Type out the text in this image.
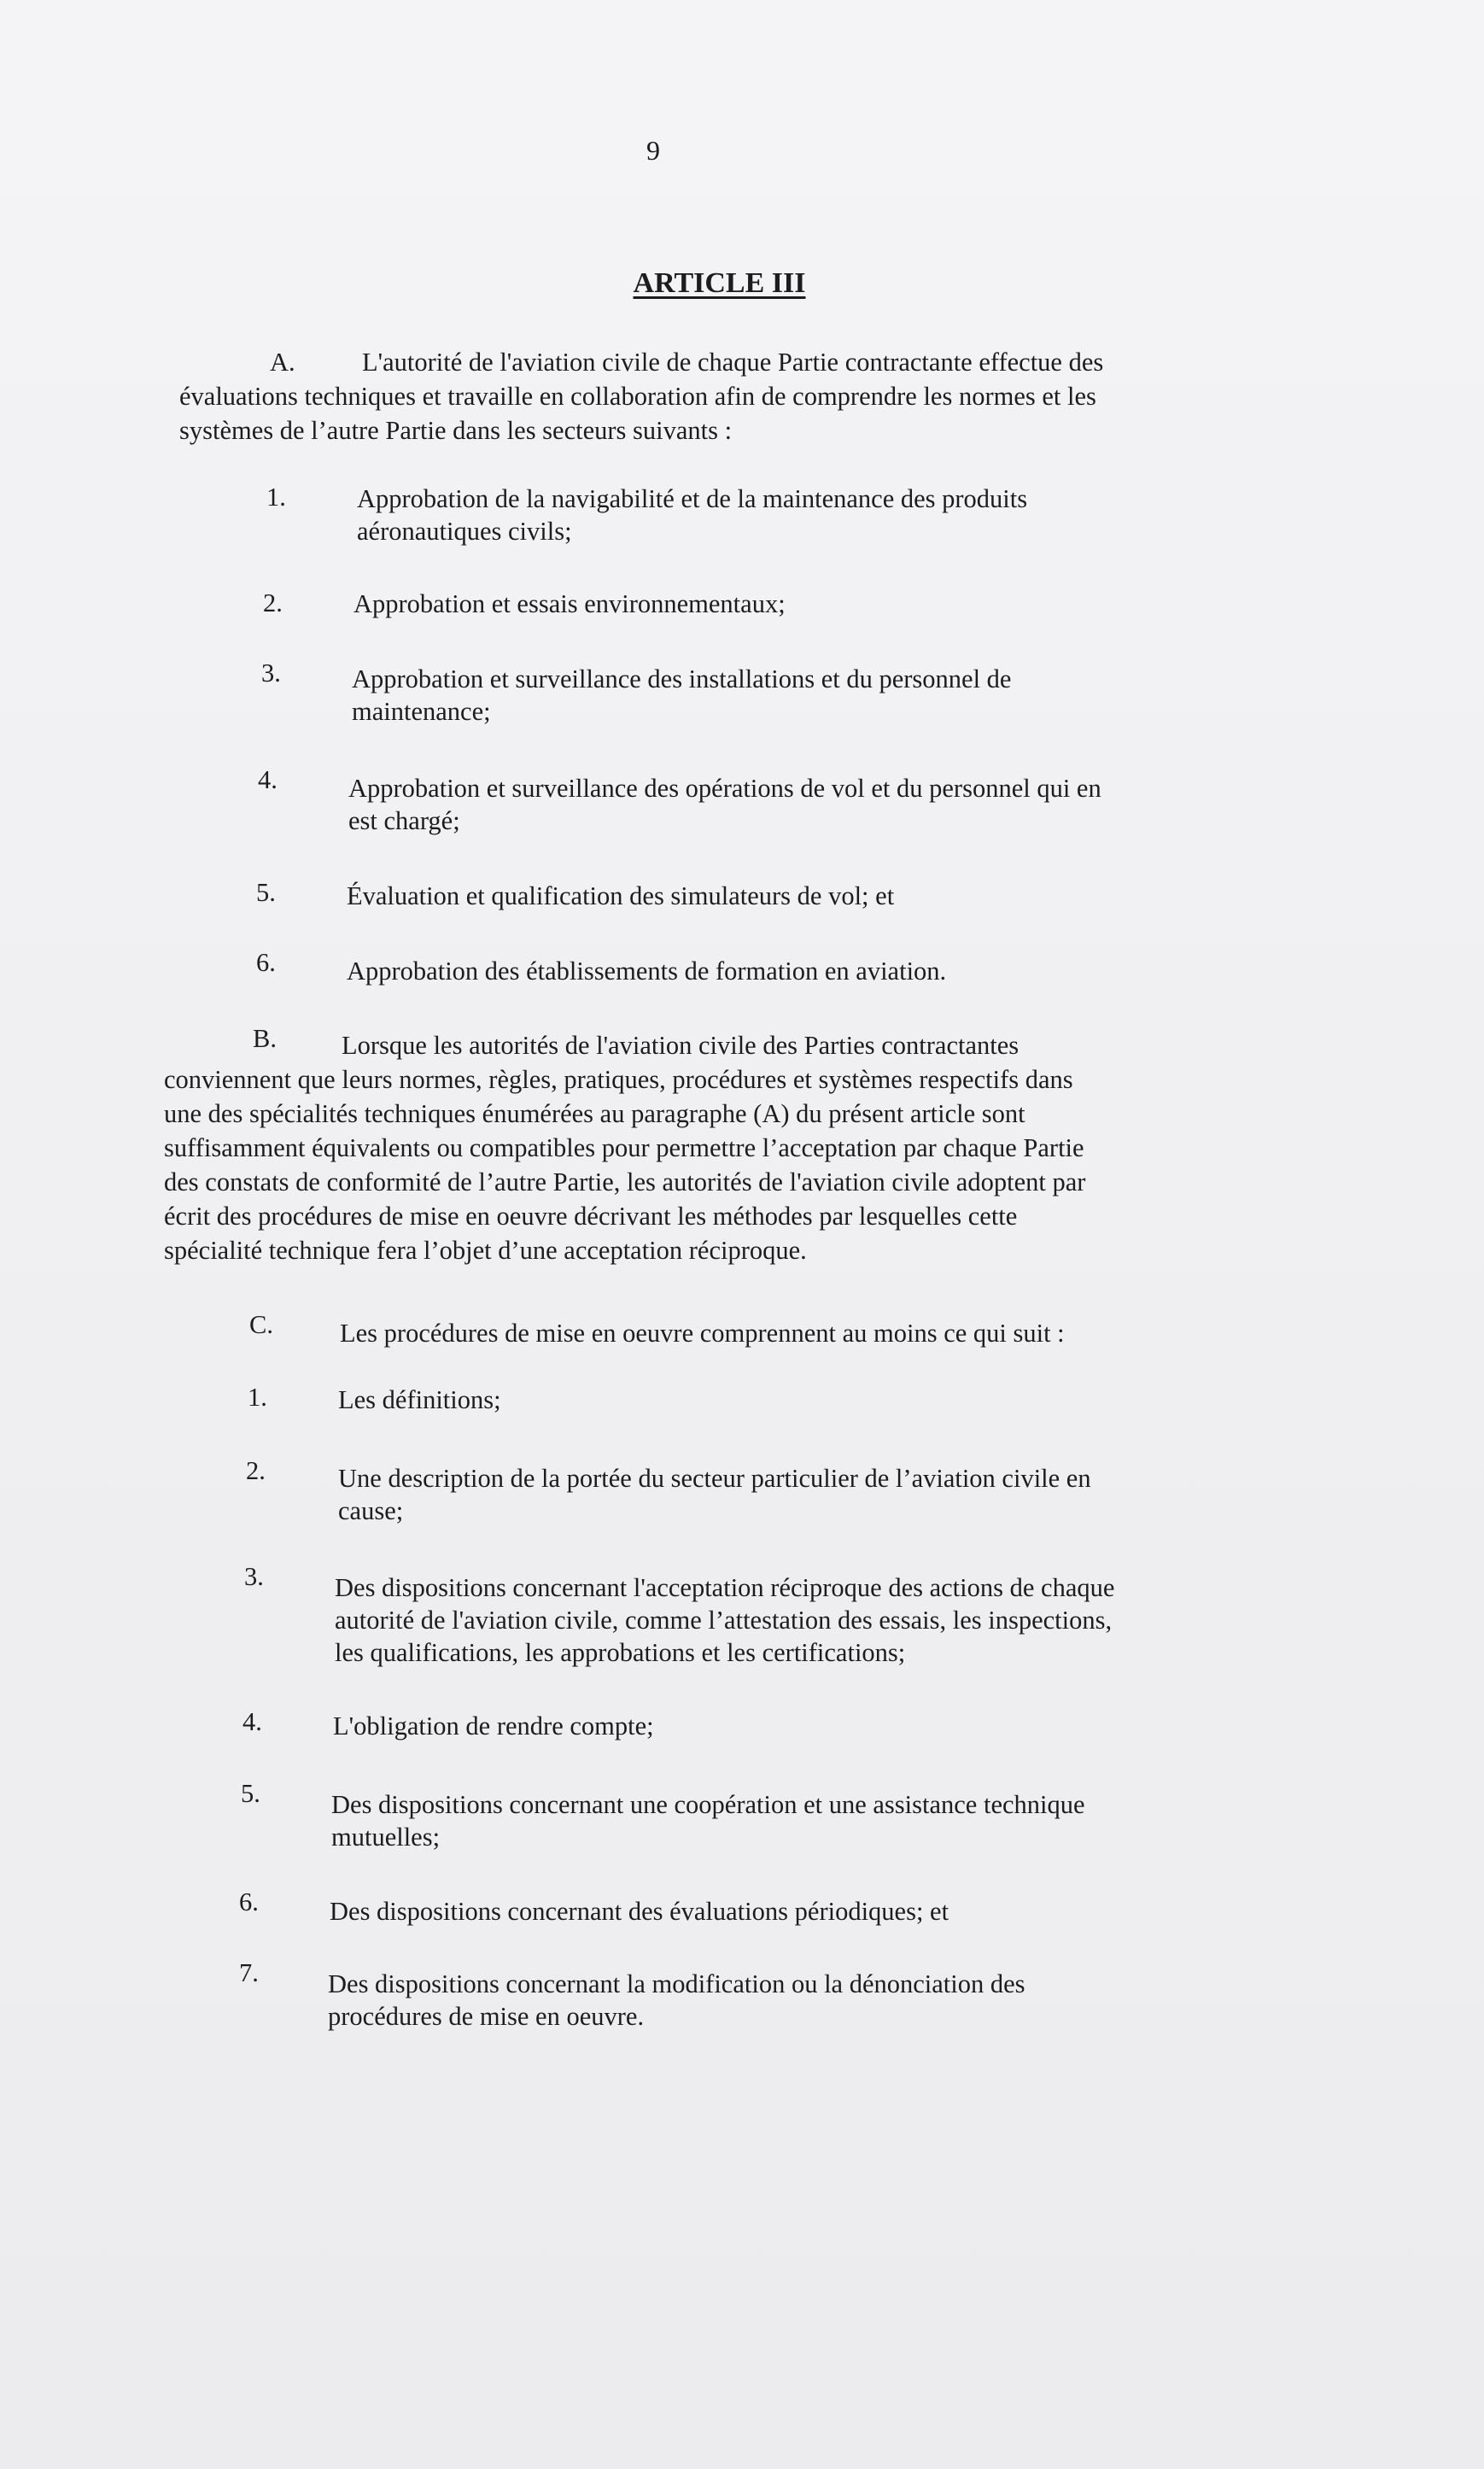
9
ARTICLE III
A.	L'autorité de l'aviation civile de chaque Partie contractante effectue des
évaluations techniques et travaille en collaboration afin de comprendre les normes et les
systèmes de l’autre Partie dans les secteurs suivants :
1.	Approbation de la navigabilité et de la maintenance des produits
aéronautiques civils;
2.	Approbation et essais environnementaux;
3.	Approbation et surveillance des installations et du personnel de
maintenance;
4.	Approbation et surveillance des opérations de vol et du personnel qui en
est chargé;
5.	Évaluation et qualification des simulateurs de vol; et
6.	Approbation des établissements de formation en aviation.
B.	Lorsque les autorités de l'aviation civile des Parties contractantes
conviennent que leurs normes, règles, pratiques, procédures et systèmes respectifs dans
une des spécialités techniques énumérées au paragraphe (A) du présent article sont
suffisamment équivalents ou compatibles pour permettre l’acceptation par chaque Partie
des constats de conformité de l’autre Partie, les autorités de l'aviation civile adoptent par
écrit des procédures de mise en oeuvre décrivant les méthodes par lesquelles cette
spécialité technique fera l’objet d’une acceptation réciproque.
C.	Les procédures de mise en oeuvre comprennent au moins ce qui suit :
1.	Les définitions;
2.	Une description de la portée du secteur particulier de l’aviation civile en
cause;
3.	Des dispositions concernant l'acceptation réciproque des actions de chaque
autorité de l'aviation civile, comme l’attestation des essais, les inspections,
les qualifications, les approbations et les certifications;
4.	L'obligation de rendre compte;
5.	Des dispositions concernant une coopération et une assistance technique
mutuelles;
6.	Des dispositions concernant des évaluations périodiques; et
7.	Des dispositions concernant la modification ou la dénonciation des
procédures de mise en oeuvre.
